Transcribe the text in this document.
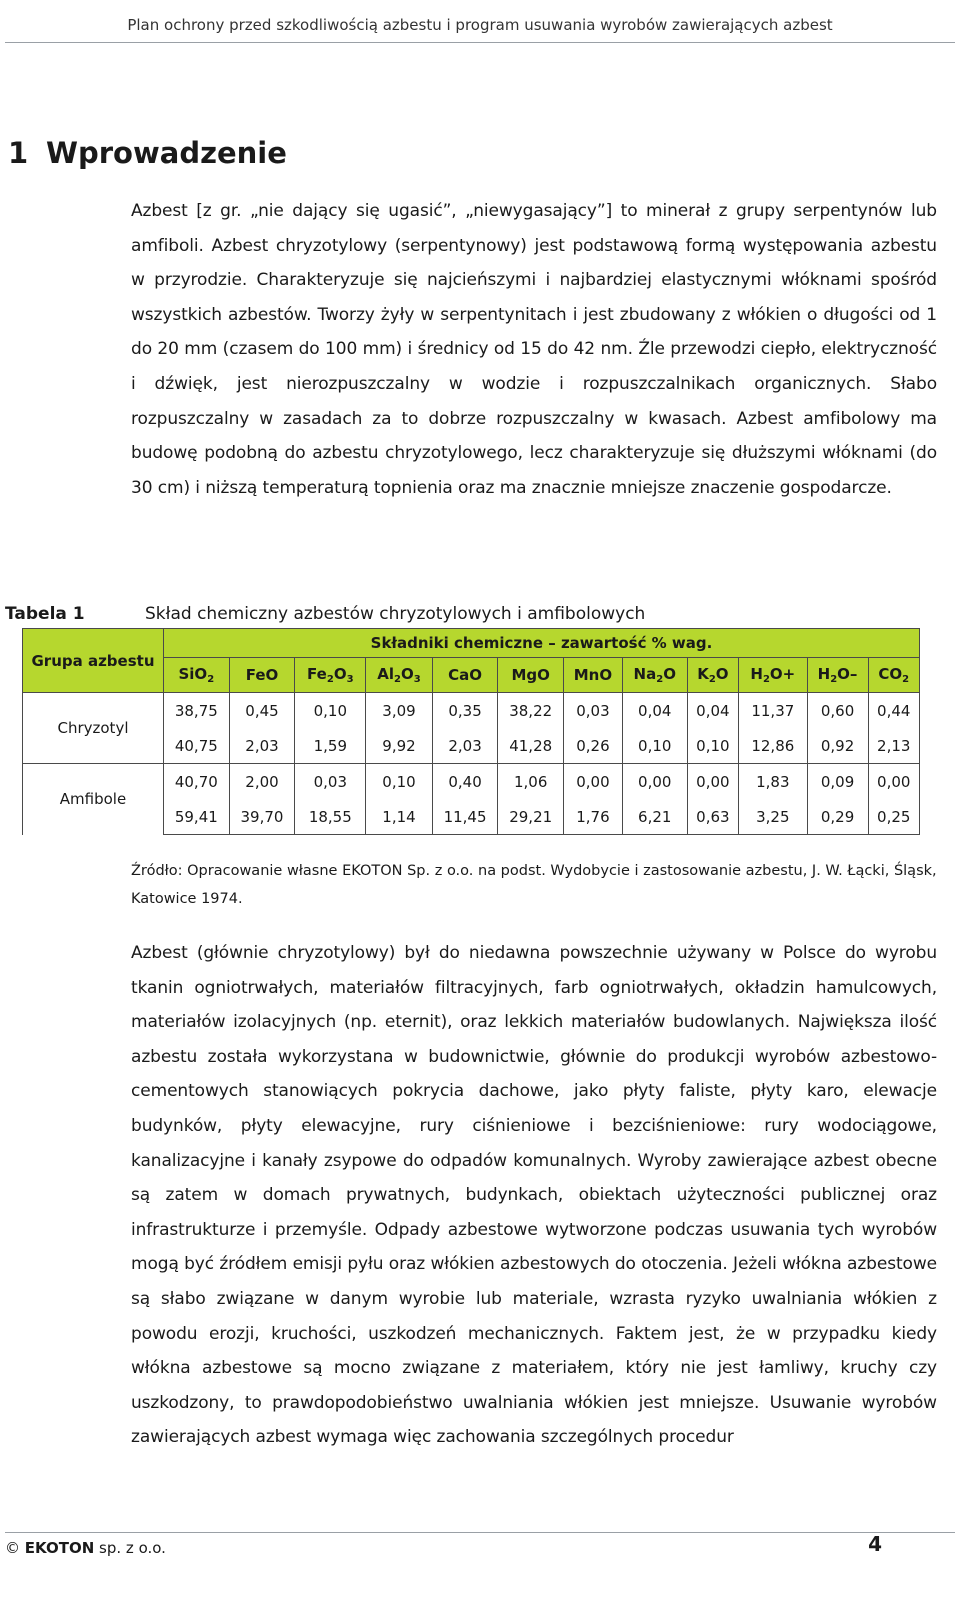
Plan ochrony przed szkodliwością azbestu i program usuwania wyrobów zawierających azbest
1 Wprowadzenie

Azbest [z gr. „nie dający się ugasić”, „niewygasający”] to minerał z grupy serpentynów lub amfiboli. Azbest chryzotylowy (serpentynowy) jest podstawową formą występowania azbestu w przyrodzie. Charakteryzuje się najcieńszymi i najbardziej elastycznymi włóknami spośród wszystkich azbestów. Tworzy żyły w serpentynitach i jest zbudowany z włókien o długości od 1 do 20 mm (czasem do 100 mm) i średnicy od 15 do 42 nm. Źle przewodzi ciepło, elektryczność i dźwięk, jest nierozpuszczalny w wodzie i rozpuszczalnikach organicznych. Słabo rozpuszczalny w zasadach za to dobrze rozpuszczalny w kwasach. Azbest amfibolowy ma budowę podobną do azbestu chryzotylowego, lecz charakteryzuje się dłuższymi włóknami (do 30 cm) i niższą temperaturą topnienia oraz ma znacznie mniejsze znaczenie gospodarcze.

Tabela 1	Skład chemiczny azbestów chryzotylowych i amfibolowych
Grupa azbestu	Składniki chemiczne – zawartość % wag.											
	SiO$_2$	FeO	$Fe_2O_3$	$Al_2O_3$	CaO	MgO	MnO	$Na_2O$	$K_2O$	$H_2O+$	$H_2O-$	$CO_2$
Chryzotyl	38,75	0,45	0,10	3,09	0,35	38,22	0,03	0,04	0,04	11,37	0,60	0,44
	40,75	2,03	1,59	9,92	2,03	41,28	0,26	0,10	0,10	12,86	0,92	2,13
Amfibole	40,70	2,00	0,03	0,10	0,40	1,06	0,00	0,00	0,00	1,83	0,09	0,00
	59,41	39,70	18,55	1,14	11,45	29,21	1,76	6,21	0,63	3,25	0,29	0,25

Źródło: Opracowanie własne EKOTON Sp. z o.o. na podst. Wydobycie i zastosowanie azbestu, J. W. Łącki, Śląsk, Katowice 1974.

Azbest (głównie chryzotylowy) był do niedawna powszechnie używany w Polsce do wyrobu tkanin ogniotrwałych, materiałów filtracyjnych, farb ogniotrwałych, okładzin hamulcowych, materiałów izolacyjnych (np. eternit), oraz lekkich materiałów budowlanych. Największa ilość azbestu została wykorzystana w budownictwie, głównie do produkcji wyrobów azbestowo-cementowych stanowiących pokrycia dachowe, jako płyty faliste, płyty karo, elewacje budynków, płyty elewacyjne, rury ciśnieniowe i bezciśnieniowe: rury wodociągowe, kanalizacyjne i kanały zsypowe do odpadów komunalnych. Wyroby zawierające azbest obecne są zatem w domach prywatnych, budynkach, obiektach użyteczności publicznej oraz infrastrukturze i przemyśle. Odpady azbestowe wytworzone podczas usuwania tych wyrobów mogą być źródłem emisji pyłu oraz włókien azbestowych do otoczenia. Jeżeli włókna azbestowe są słabo związane w danym wyrobie lub materiale, wzrasta ryzyko uwalniania włókien z powodu erozji, kruchości, uszkodzeń mechanicznych. Faktem jest, że w przypadku kiedy włókna azbestowe są mocno związane z materiałem, który nie jest łamliwy, kruchy czy uszkodzony, to prawdopodobieństwo uwalniania włókien jest mniejsze. Usuwanie wyrobów zawierających azbest wymaga więc zachowania szczególnych procedur

© EKOTON sp. z o.o.	4
